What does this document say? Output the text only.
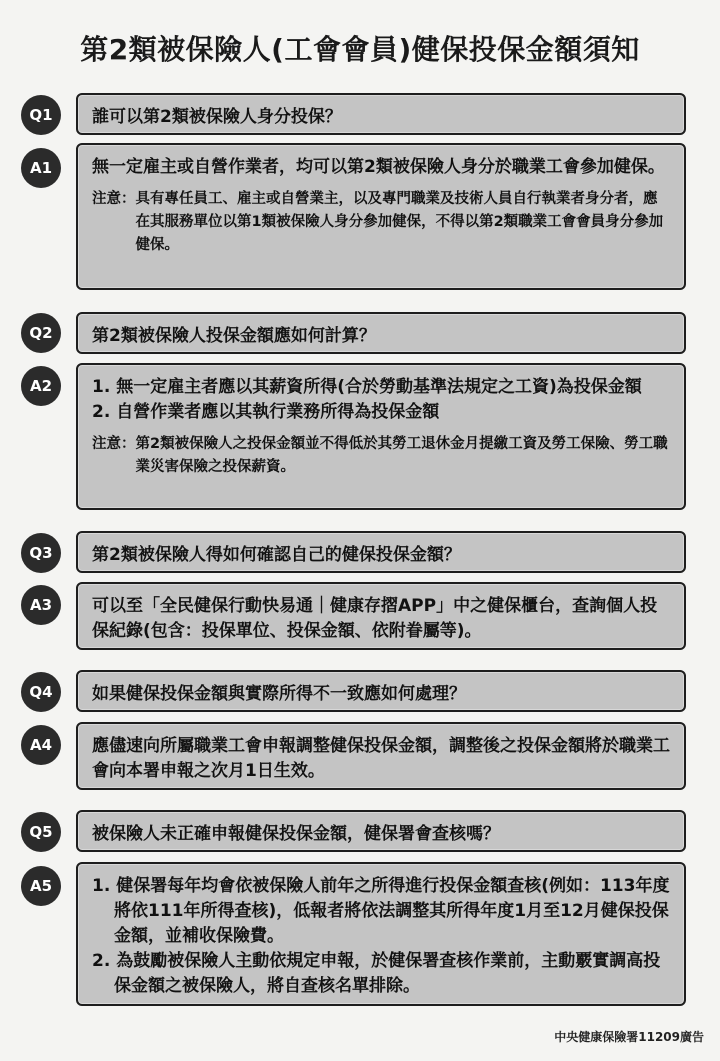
第2類被保險人(工會會員)健保投保金額須知
Q1	誰可以第2類被保險人身分投保？
A1	無一定雇主或自營作業者，均可以第2類被保險人身分於職業工會參加健保。
注意： 具有專任員工、雇主或自營業主，以及專門職業及技術人員自行執業者身分者，應在其服務單位以第1類被保險人身分參加健保，不得以第2類職業工會會員身分參加健保。
Q2	第2類被保險人投保金額應如何計算？
A2	1. 無一定雇主者應以其薪資所得(合於勞動基準法規定之工資)為投保金額
2. 自營作業者應以其執行業務所得為投保金額
注意： 第2類被保險人之投保金額並不得低於其勞工退休金月提繳工資及勞工保險、勞工職業災害保險之投保薪資。
Q3	第2類被保險人得如何確認自己的健保投保金額？
A3	可以至「全民健保行動快易通｜健康存摺APP」中之健保櫃台，查詢個人投保紀錄(包含：投保單位、投保金額、依附眷屬等)。
Q4	如果健保投保金額與實際所得不一致應如何處理？
A4	應儘速向所屬職業工會申報調整健保投保金額，調整後之投保金額將於職業工會向本署申報之次月1日生效。
Q5	被保險人未正確申報健保投保金額，健保署會查核嗎？
A5	1. 健保署每年均會依被保險人前年之所得進行投保金額查核(例如：113年度將依111年所得查核)，低報者將依法調整其所得年度1月至12月健保投保金額，並補收保險費。
2. 為鼓勵被保險人主動依規定申報，於健保署查核作業前，主動覈實調高投保金額之被保險人，將自查核名單排除。
中央健康保險署11209廣告
